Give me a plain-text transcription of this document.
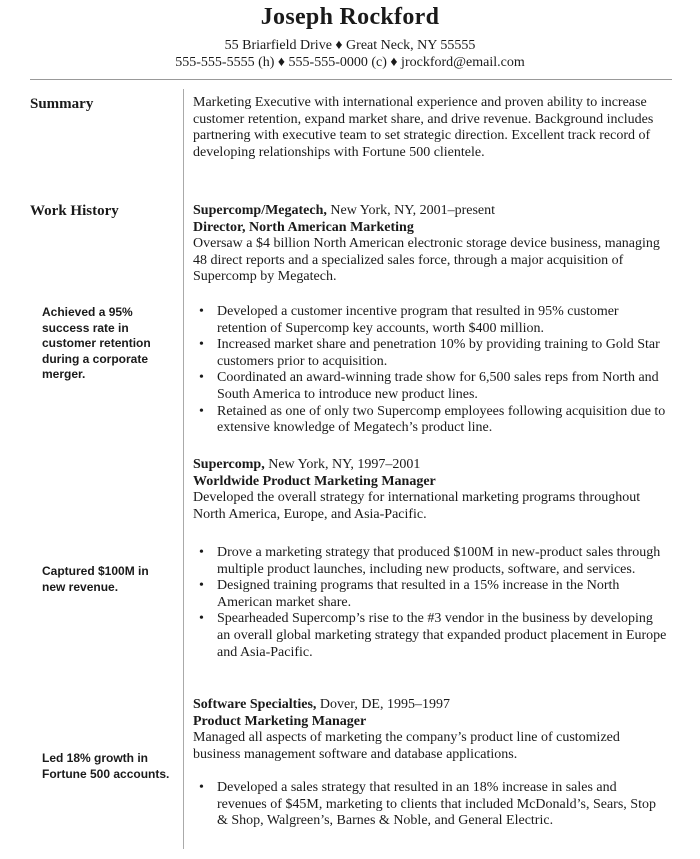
Joseph Rockford
55 Briarfield Drive ♦ Great Neck, NY 55555
555-555-5555 (h) ♦ 555-555-0000 (c) ♦ jrockford@email.com
Summary	Marketing Executive with international experience and proven ability to increase customer retention, expand market share, and drive revenue. Background includes partnering with executive team to set strategic direction. Excellent track record of developing relationships with Fortune 500 clientele.
Work History	Supercomp/Megatech, New York, NY, 2001–present
Director, North American Marketing
Oversaw a $4 billion North American electronic storage device business, managing 48 direct reports and a specialized sales force, through a major acquisition of Supercomp by Megatech.
Achieved a 95% success rate in customer retention during a corporate merger.
• Developed a customer incentive program that resulted in 95% customer retention of Supercomp key accounts, worth $400 million.
• Increased market share and penetration 10% by providing training to Gold Star customers prior to acquisition.
• Coordinated an award-winning trade show for 6,500 sales reps from North and South America to introduce new product lines.
• Retained as one of only two Supercomp employees following acquisition due to extensive knowledge of Megatech’s product line.
Supercomp, New York, NY, 1997–2001
Worldwide Product Marketing Manager
Developed the overall strategy for international marketing programs throughout North America, Europe, and Asia-Pacific.
Captured $100M in new revenue.
• Drove a marketing strategy that produced $100M in new-product sales through multiple product launches, including new products, software, and services.
• Designed training programs that resulted in a 15% increase in the North American market share.
• Spearheaded Supercomp’s rise to the #3 vendor in the business by developing an overall global marketing strategy that expanded product placement in Europe and Asia-Pacific.
Software Specialties, Dover, DE, 1995–1997
Product Marketing Manager
Managed all aspects of marketing the company’s product line of customized business management software and database applications.
Led 18% growth in Fortune 500 accounts.
• Developed a sales strategy that resulted in an 18% increase in sales and revenues of $45M, marketing to clients that included McDonald’s, Sears, Stop & Shop, Walgreen’s, Barnes & Noble, and General Electric.
